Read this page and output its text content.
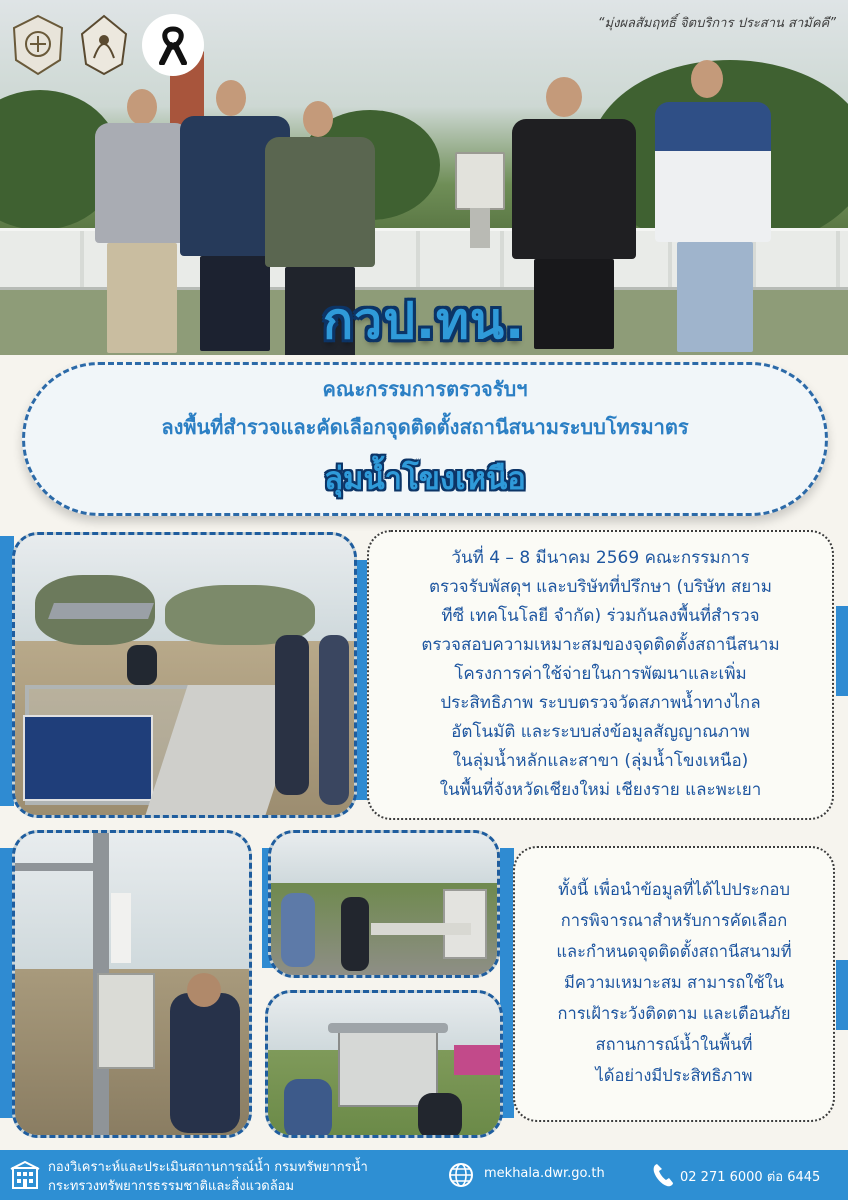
“มุ่งผลสัมฤทธิ์ จิตบริการ ประสาน สามัคคี”
กวป.ทน.
คณะกรรมการตรวจรับฯ
ลงพื้นที่สำรวจและคัดเลือกจุดติดตั้งสถานีสนามระบบโทรมาตร
ลุ่มน้ำโขงเหนือ

วันที่ 4 – 8 มีนาคม 2569 คณะกรรมการ

ตรวจรับพัสดุฯ และบริษัทที่ปรึกษา (บริษัท สยาม

ทีซี เทคโนโลยี จำกัด) ร่วมกันลงพื้นที่สำรวจ

ตรวจสอบความเหมาะสมของจุดติดตั้งสถานีสนาม

โครงการค่าใช้จ่ายในการพัฒนาและเพิ่ม

ประสิทธิภาพ ระบบตรวจวัดสภาพน้ำทางไกล

อัตโนมัติ และระบบส่งข้อมูลสัญญาณภาพ

ในลุ่มน้ำหลักและสาขา (ลุ่มน้ำโขงเหนือ)

ในพื้นที่จังหวัดเชียงใหม่ เชียงราย และพะเยา

ทั้งนี้ เพื่อนำข้อมูลที่ได้ไปประกอบ

การพิจารณาสำหรับการคัดเลือก

และกำหนดจุดติดตั้งสถานีสนามที่

มีความเหมาะสม สามารถใช้ใน

การเฝ้าระวังติดตาม และเตือนภัย

สถานการณ์น้ำในพื้นที่

ได้อย่างมีประสิทธิภาพ

กองวิเคราะห์และประเมินสถานการณ์น้ำ กรมทรัพยากรน้ำ
กระทรวงทรัพยากรธรรมชาติและสิ่งแวดล้อม
mekhala.dwr.go.th	02 271 6000 ต่อ 6445
